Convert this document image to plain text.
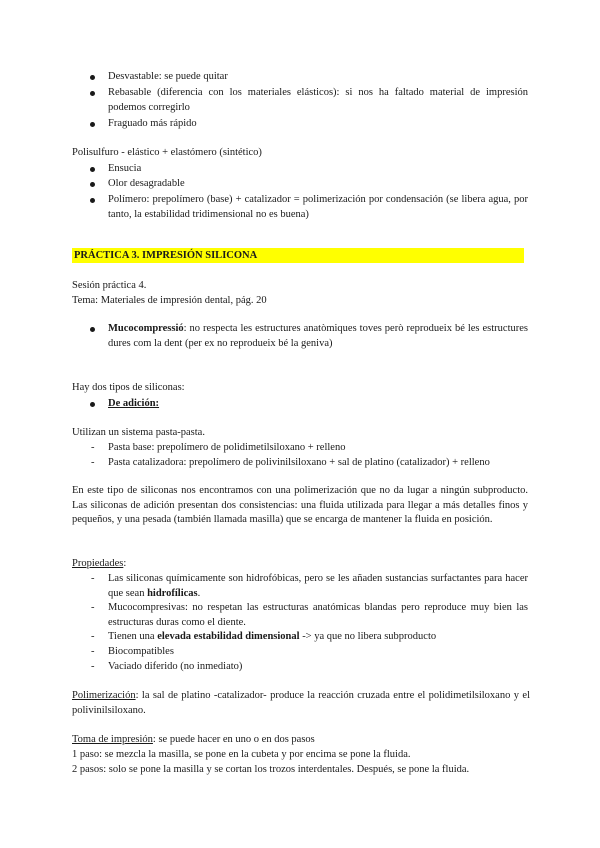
Desvastable: se puede quitar
Rebasable (diferencia con los materiales elásticos): si nos ha faltado material de impresión podemos corregirlo
Fraguado más rápido
Polisulfuro - elástico + elastómero (sintético)
Ensucia
Olor desagradable
Polímero: prepolímero (base) + catalizador = polimerización por condensación (se libera agua, por tanto, la estabilidad tridimensional no es buena)
PRÁCTICA 3. IMPRESIÓN SILICONA
Sesión práctica 4.
Tema: Materiales de impresión dental, pág. 20
Mucocompressió: no respecta les estructures anatòmiques toves però reprodueix bé les estructures dures com la dent (per ex no reprodueix bé la geniva)
Hay dos tipos de siliconas:
De adición:
Utilizan un sistema pasta-pasta.
- Pasta base: prepolímero de polidimetilsiloxano + relleno
- Pasta catalizadora: prepolímero de polivinilsiloxano + sal de platino (catalizador) + relleno
En este tipo de siliconas nos encontramos con una polimerización que no da lugar a ningún subproducto. Las siliconas de adición presentan dos consistencias: una fluida utilizada para llegar a más detalles finos y pequeños, y una pesada (también llamada masilla) que se encarga de mantener la fluida en posición.
Propiedades:
- Las siliconas químicamente son hidrofóbicas, pero se les añaden sustancias surfactantes para hacer que sean hidrofílicas.
- Mucocompresivas: no respetan las estructuras anatómicas blandas pero reproduce muy bien las estructuras duras como el diente.
- Tienen una elevada estabilidad dimensional -> ya que no libera subproducto
- Biocompatibles
- Vaciado diferido (no inmediato)
Polimerización: la sal de platino -catalizador- produce la reacción cruzada entre el polidimetilsiloxano y el polivinilsiloxano.
Toma de impresión: se puede hacer en uno o en dos pasos
1 paso: se mezcla la masilla, se pone en la cubeta y por encima se pone la fluida.
2 pasos: solo se pone la masilla y se cortan los trozos interdentales. Después, se pone la fluida.
